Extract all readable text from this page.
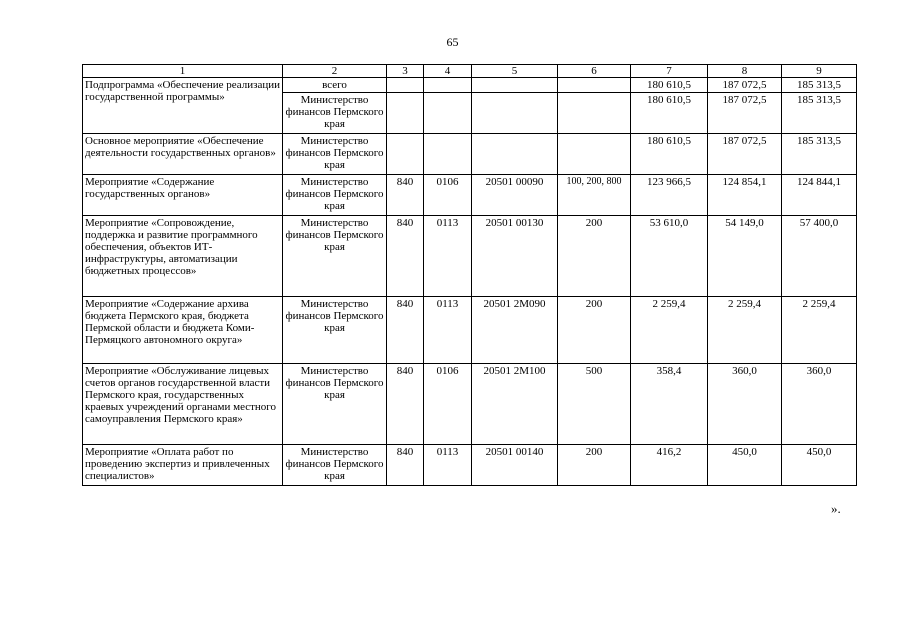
65
1	2	3	4	5	6	7	8	9
Подпрограмма «Обеспечение реализации государственной программы»	всего					180 610,5	187 072,5	185 313,5
	Министерство финансов Пермского края					180 610,5	187 072,5	185 313,5
Основное мероприятие «Обеспечение деятельности государственных органов»	Министерство финансов Пермского края					180 610,5	187 072,5	185 313,5
Мероприятие «Содержание государственных органов»	Министерство финансов Пермского края	840	0106	20501 00090	100, 200, 800	123 966,5	124 854,1	124 844,1
Мероприятие «Сопровождение, поддержка и развитие программного обеспечения, объектов ИТ-инфраструктуры, автоматизации бюджетных процессов»	Министерство финансов Пермского края	840	0113	20501 00130	200	53 610,0	54 149,0	57 400,0
Мероприятие «Содержание архива бюджета Пермского края, бюджета Пермской области и бюджета Коми-Пермяцкого автономного округа»	Министерство финансов Пермского края	840	0113	20501 2М090	200	2 259,4	2 259,4	2 259,4
Мероприятие «Обслуживание лицевых счетов органов государственной власти Пермского края, государственных краевых учреждений органами местного самоуправления Пермского края»	Министерство финансов Пермского края	840	0106	20501 2М100	500	358,4	360,0	360,0
Мероприятие «Оплата работ по проведению экспертиз и привлеченных специалистов»	Министерство финансов Пермского края	840	0113	20501 00140	200	416,2	450,0	450,0
».
